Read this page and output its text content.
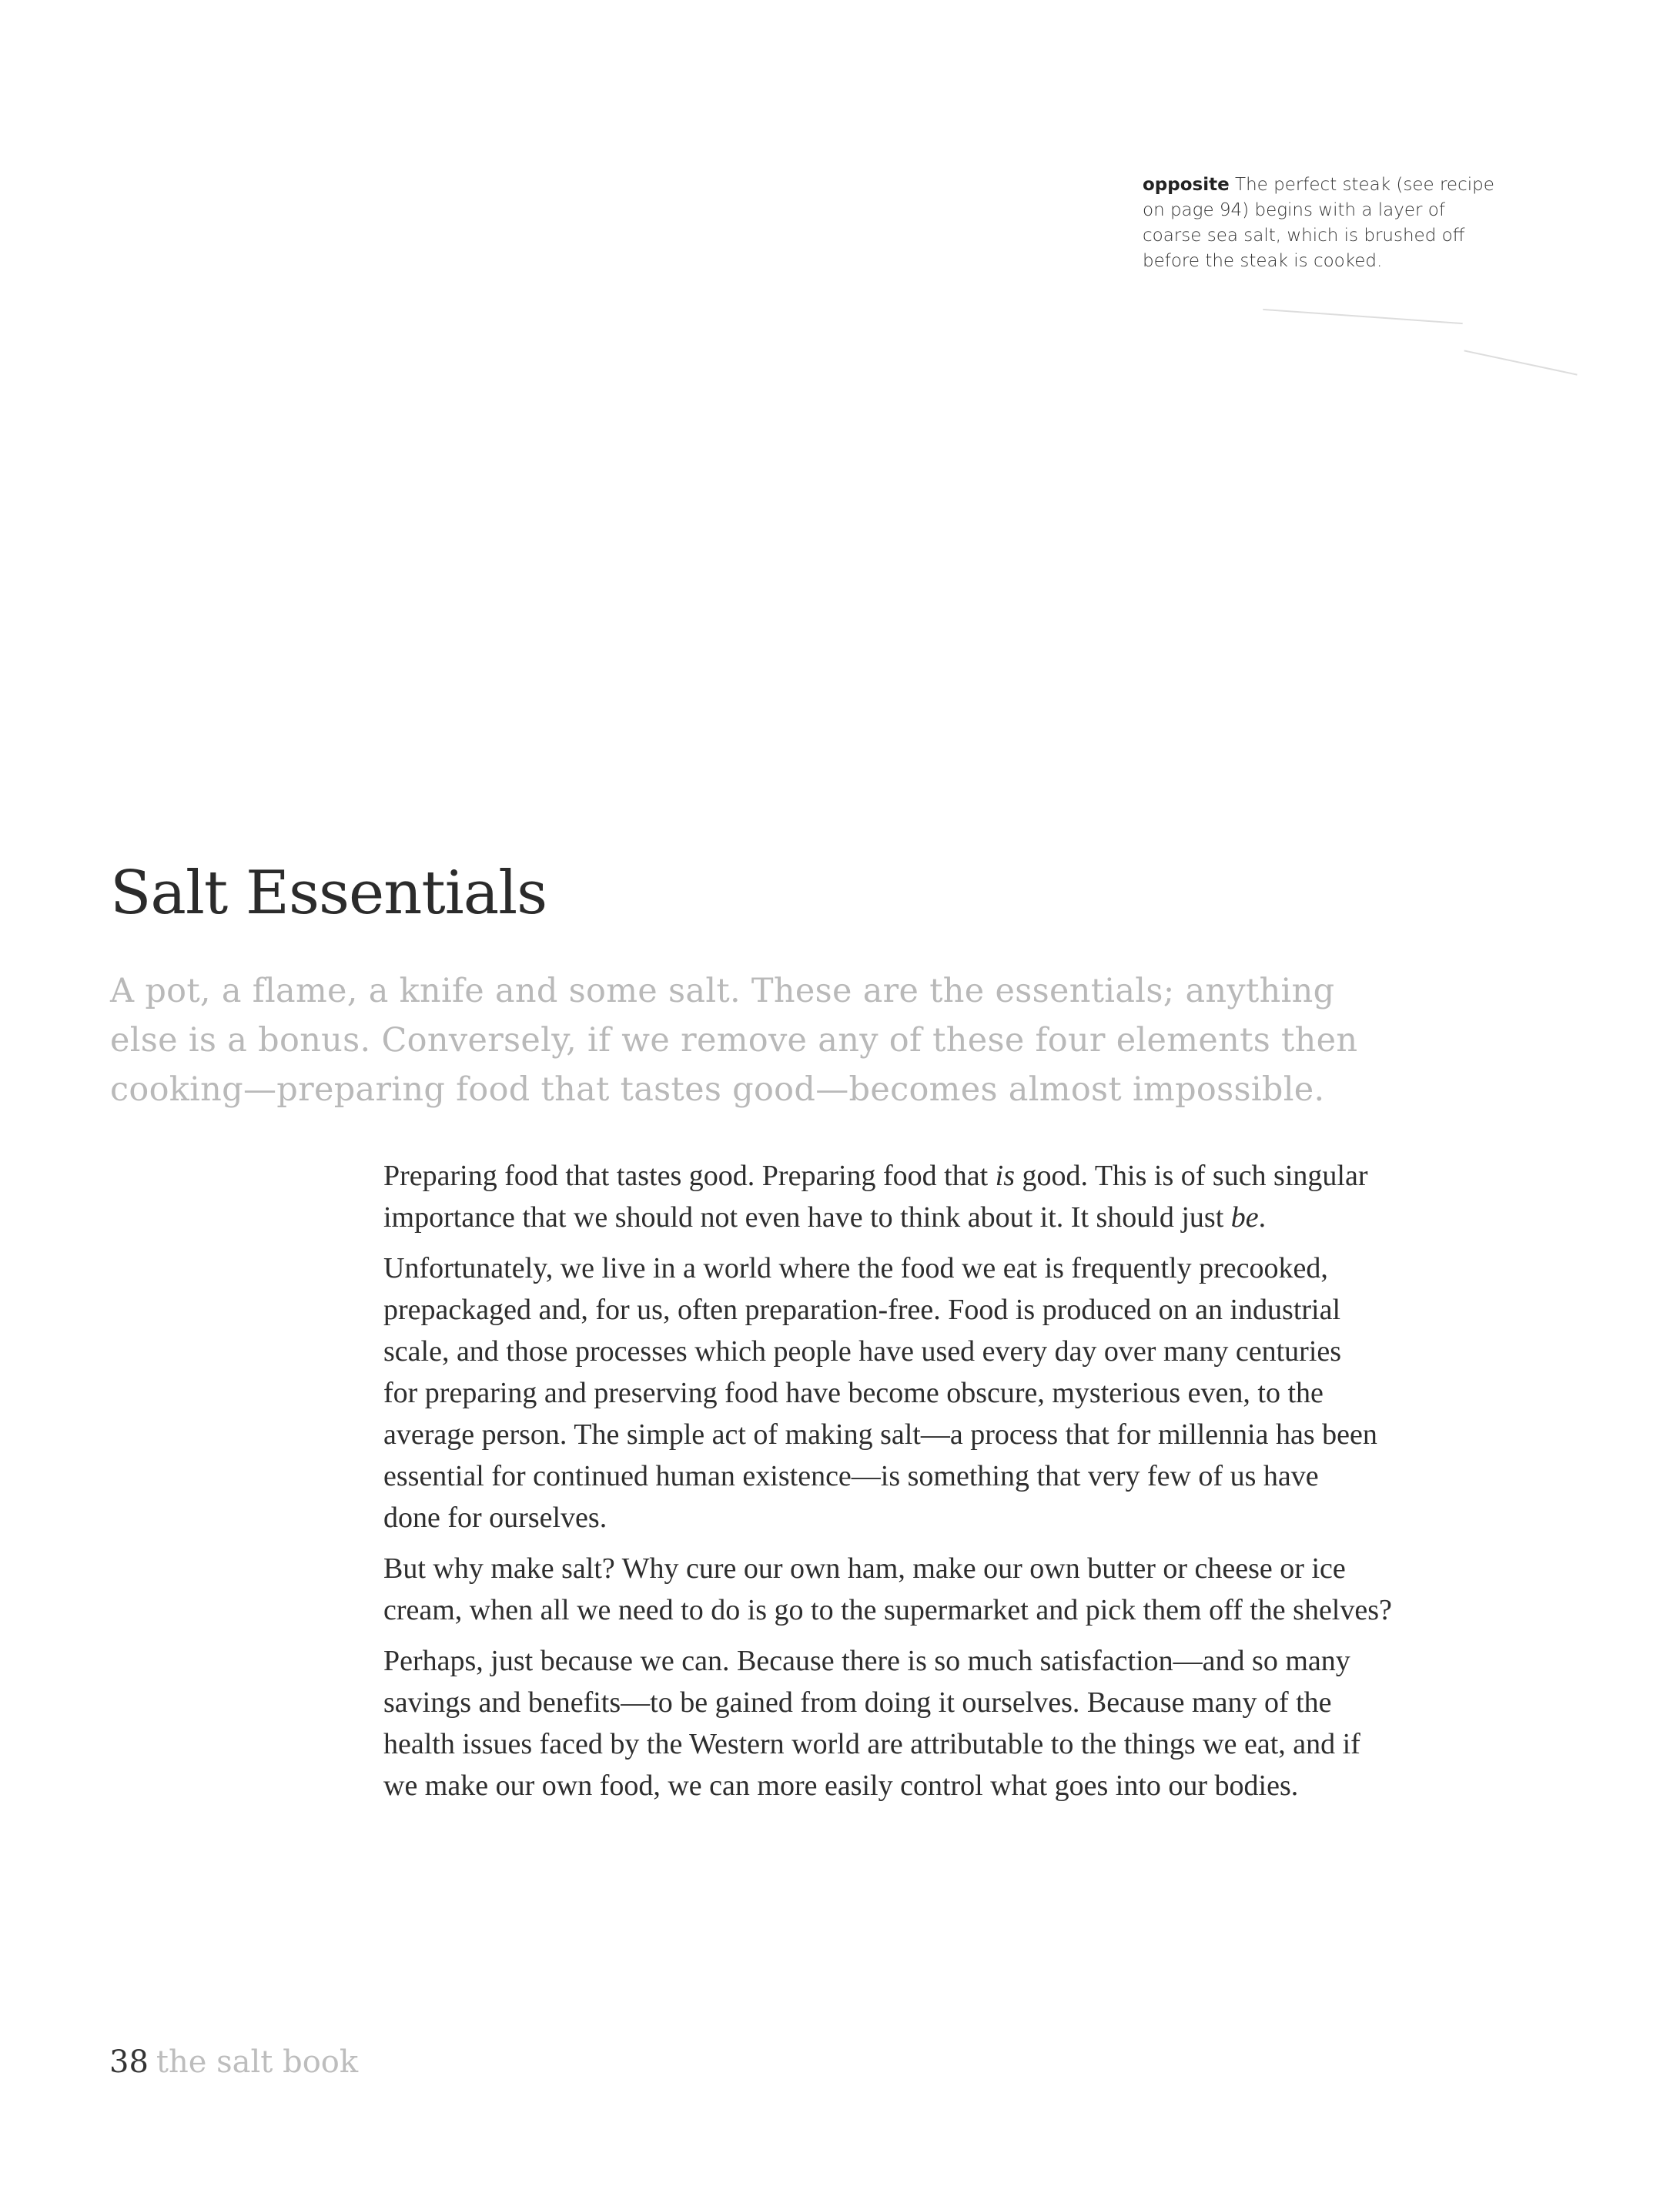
opposite The perfect steak (see recipe
on page 94) begins with a layer of
coarse sea salt, which is brushed off
before the steak is cooked.
Salt Essentials
A pot, a flame, a knife and some salt. These are the essentials; anything
else is a bonus. Conversely, if we remove any of these four elements then
cooking—preparing food that tastes good—becomes almost impossible.

Preparing food that tastes good. Preparing food that is good. This is of such singular
importance that we should not even have to think about it. It should just be.

Unfortunately, we live in a world where the food we eat is frequently precooked,
prepackaged and, for us, often preparation-free. Food is produced on an industrial
scale, and those processes which people have used every day over many centuries
for preparing and preserving food have become obscure, mysterious even, to the
average person. The simple act of making salt—a process that for millennia has been
essential for continued human existence—is something that very few of us have
done for ourselves.

But why make salt? Why cure our own ham, make our own butter or cheese or ice
cream, when all we need to do is go to the supermarket and pick them off the shelves?

Perhaps, just because we can. Because there is so much satisfaction—and so many
savings and benefits—to be gained from doing it ourselves. Because many of the
health issues faced by the Western world are attributable to the things we eat, and if
we make our own food, we can more easily control what goes into our bodies.

38 the salt book
